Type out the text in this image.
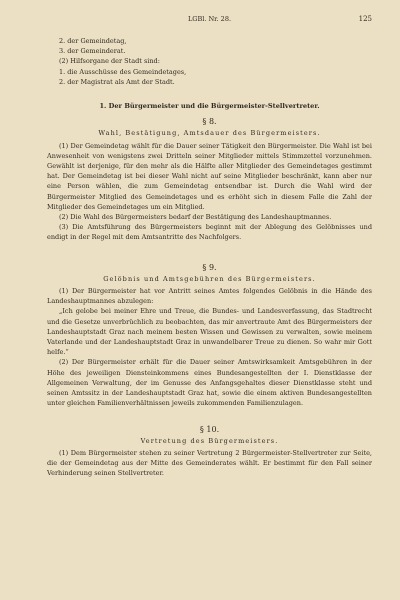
LGBl. Nr. 28.	125
2. der Gemeindetag,
3. der Gemeinderat.
(2) Hilfsorgane der Stadt sind:
1. die Ausschüsse des Gemeindetages,
2. der Magistrat als Amt der Stadt.
1. Der Bürgermeister und die Bürgermeister-Stellvertreter.
§ 8.
Wahl, Bestätigung, Amtsdauer des Bürgermeisters.

(1) Der Gemeindetag wählt für die Dauer seiner Tätigkeit den Bürgermeister. Die Wahl ist bei Anwesenheit von wenigstens zwei Dritteln seiner Mitglieder mittels Stimmzettel vorzunehmen. Gewählt ist derjenige, für den mehr als die Hälfte aller Mitglieder des Gemeindetages gestimmt hat. Der Gemeindetag ist bei dieser Wahl nicht auf seine Mitglieder beschränkt, kann aber nur eine Person wählen, die zum Gemeindetag entsendbar ist. Durch die Wahl wird der Bürgermeister Mitglied des Gemeindetages und es erhöht sich in diesem Falle die Zahl der Mitglieder des Gemeindetages um ein Mitglied.

(2) Die Wahl des Bürgermeisters bedarf der Bestätigung des Landeshauptmannes.

(3) Die Amtsführung des Bürgermeisters beginnt mit der Ablegung des Gelöbnisses und endigt in der Regel mit dem Amtsantritte des Nachfolgers.

§ 9.
Gelöbnis und Amtsgebühren des Bürgermeisters.

(1) Der Bürgermeister hat vor Antritt seines Amtes folgendes Gelöbnis in die Hände des Landeshauptmannes abzulegen:

„Ich gelobe bei meiner Ehre und Treue, die Bundes- und Landesverfassung, das Stadtrecht und die Gesetze unverbrüchlich zu beobachten, das mir anvertraute Amt des Bürgermeisters der Landeshauptstadt Graz nach meinem besten Wissen und Gewissen zu verwalten, sowie meinem Vaterlande und der Landeshauptstadt Graz in unwandelbarer Treue zu dienen. So wahr mir Gott helfe.“

(2) Der Bürgermeister erhält für die Dauer seiner Amtswirksamkeit Amtsgebühren in der Höhe des jeweiligen Diensteinkommens eines Bundesangestellten der I. Dienstklasse der Allgemeinen Verwaltung, der im Genusse des Anfangsgehaltes dieser Dienstklasse steht und seinen Amtssitz in der Landeshauptstadt Graz hat, sowie die einem aktiven Bundesangestellten unter gleichen Familienverhältnissen jeweils zukommenden Familienzulagen.

§ 10.
Vertretung des Bürgermeisters.

(1) Dem Bürgermeister stehen zu seiner Vertretung 2 Bürgermeister-Stellvertreter zur Seite, die der Gemeindetag aus der Mitte des Gemeinderates wählt. Er bestimmt für den Fall seiner Verhinderung seinen Stellvertreter.
